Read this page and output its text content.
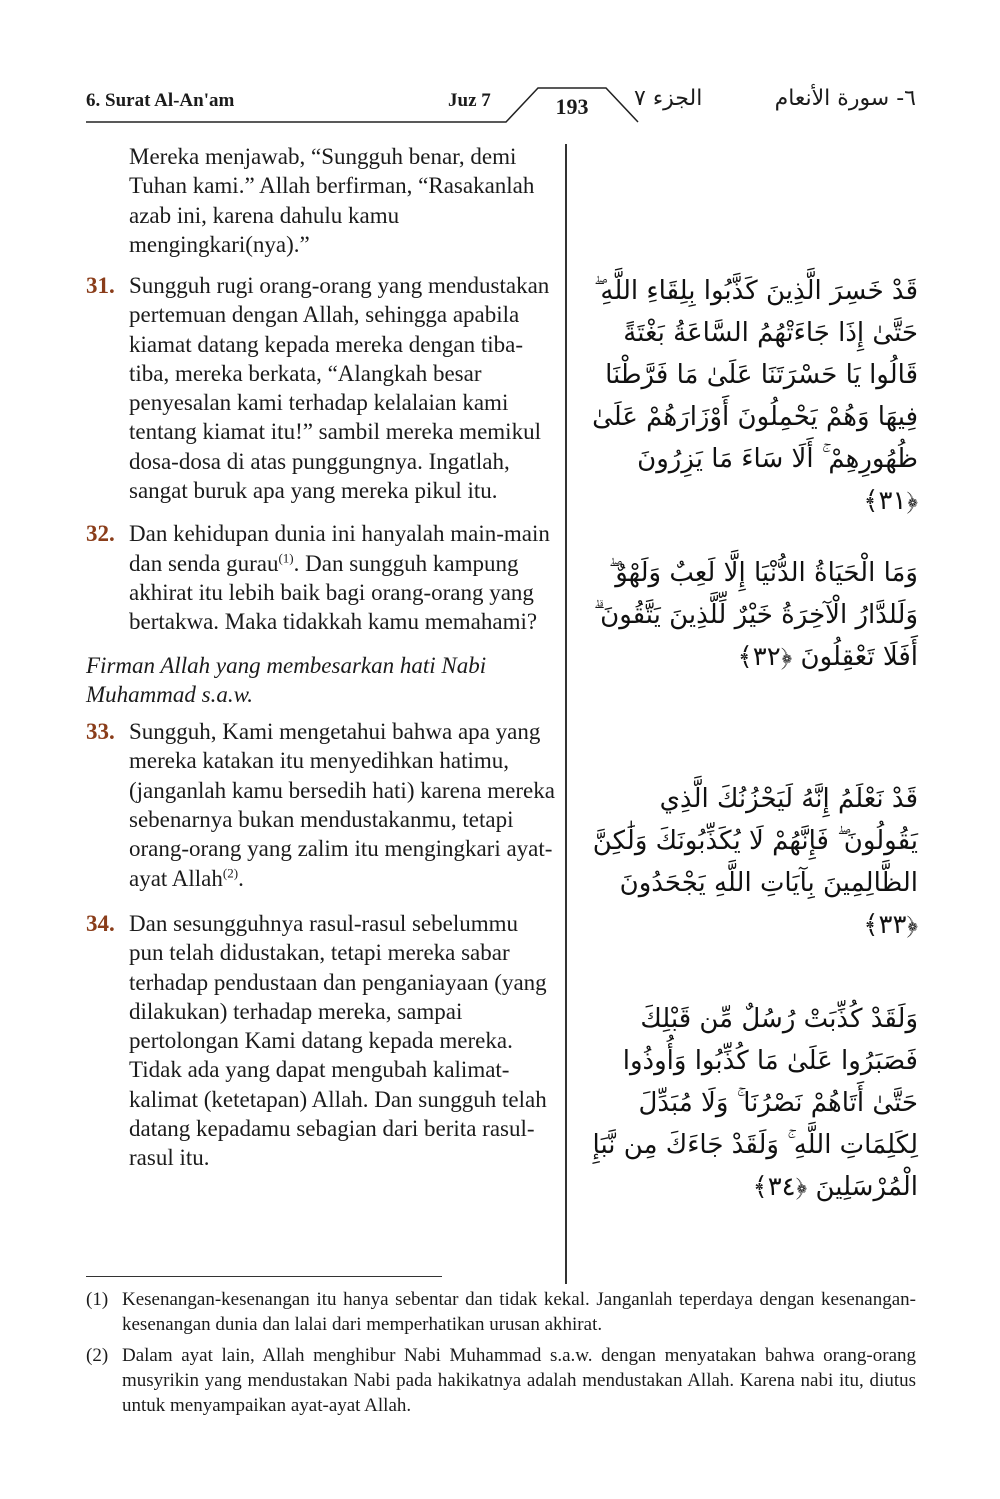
6. Surat Al-An'am	Juz 7	193	الجزء ٧	٦- سورة الأنعام
Mereka menjawab, “Sungguh benar, demi Tuhan kami.” Allah berfirman, “Rasakanlah azab ini, karena dahulu kamu mengingkari(nya).”
31. Sungguh rugi orang-orang yang mendustakan pertemuan dengan Allah, sehingga apabila kiamat datang kepada mereka dengan tiba-tiba, mereka berkata, “Alangkah besar penyesalan kami terhadap kelalaian kami tentang kiamat itu!” sambil mereka memikul dosa-dosa di atas punggungnya. Ingatlah, sangat buruk apa yang mereka pikul itu.
32. Dan kehidupan dunia ini hanyalah main-main dan senda gurau$^{(1)}$. Dan sungguh kampung akhirat itu lebih baik bagi orang-orang yang bertakwa. Maka tidakkah kamu memahami?
Firman Allah yang membesarkan hati Nabi Muhammad s.a.w.
33. Sungguh, Kami mengetahui bahwa apa yang mereka katakan itu menyedihkan hatimu, (janganlah kamu bersedih hati) karena mereka sebenarnya bukan mendustakanmu, tetapi orang-orang yang zalim itu mengingkari ayat-ayat Allah$^{(2)}$.
34. Dan sesungguhnya rasul-rasul sebelummu pun telah didustakan, tetapi mereka sabar terhadap pendustaan dan penganiayaan (yang dilakukan) terhadap mereka, sampai pertolongan Kami datang kepada mereka. Tidak ada yang dapat mengubah kalimat-kalimat (ketetapan) Allah. Dan sungguh telah datang kepadamu sebagian dari berita rasul-rasul itu.
قَدْ خَسِرَ الَّذِينَ كَذَّبُوا بِلِقَاءِ اللَّهِ ۖ حَتَّىٰ إِذَا جَاءَتْهُمُ السَّاعَةُ بَغْتَةً قَالُوا يَا حَسْرَتَنَا عَلَىٰ مَا فَرَّطْنَا فِيهَا وَهُمْ يَحْمِلُونَ أَوْزَارَهُمْ عَلَىٰ ظُهُورِهِمْ ۚ أَلَا سَاءَ مَا يَزِرُونَ ﴿٣١﴾
وَمَا الْحَيَاةُ الدُّنْيَا إِلَّا لَعِبٌ وَلَهْوٌ ۖ وَلَلدَّارُ الْآخِرَةُ خَيْرٌ لِّلَّذِينَ يَتَّقُونَ ۗ أَفَلَا تَعْقِلُونَ ﴿٣٢﴾
قَدْ نَعْلَمُ إِنَّهُ لَيَحْزُنُكَ الَّذِي يَقُولُونَ ۖ فَإِنَّهُمْ لَا يُكَذِّبُونَكَ وَلَٰكِنَّ الظَّالِمِينَ بِآيَاتِ اللَّهِ يَجْحَدُونَ ﴿٣٣﴾
وَلَقَدْ كُذِّبَتْ رُسُلٌ مِّن قَبْلِكَ فَصَبَرُوا عَلَىٰ مَا كُذِّبُوا وَأُوذُوا حَتَّىٰ أَتَاهُمْ نَصْرُنَا ۚ وَلَا مُبَدِّلَ لِكَلِمَاتِ اللَّهِ ۚ وَلَقَدْ جَاءَكَ مِن نَّبَإِ الْمُرْسَلِينَ ﴿٣٤﴾
(1) Kesenangan-kesenangan itu hanya sebentar dan tidak kekal. Janganlah teperdaya dengan kesenangan-kesenangan dunia dan lalai dari memperhatikan urusan akhirat.
(2) Dalam ayat lain, Allah menghibur Nabi Muhammad s.a.w. dengan menyatakan bahwa orang-orang musyrikin yang mendustakan Nabi pada hakikatnya adalah mendustakan Allah. Karena nabi itu, diutus untuk menyampaikan ayat-ayat Allah.
